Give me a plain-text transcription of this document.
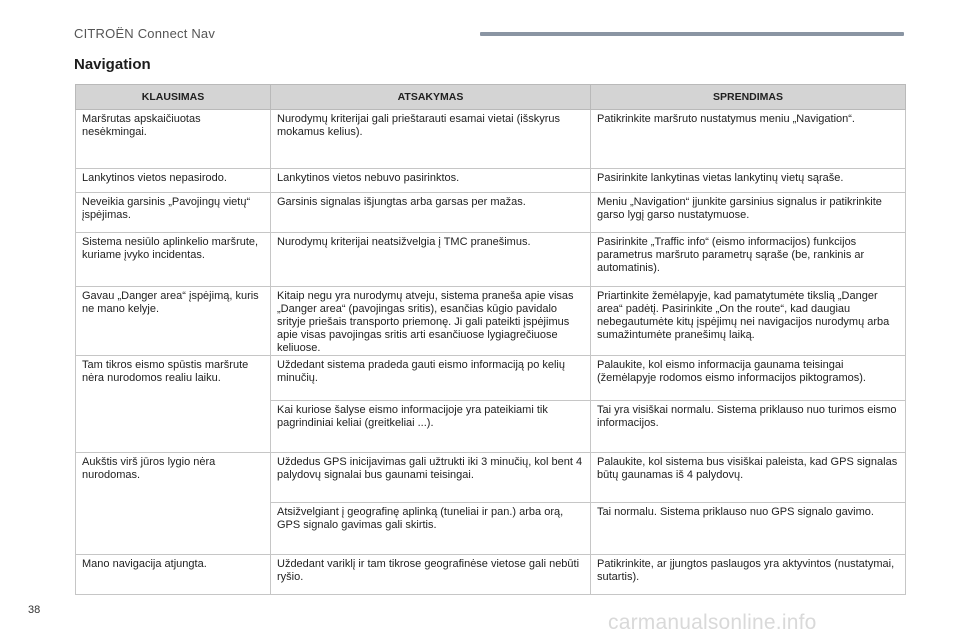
CITROËN Connect Nav
Navigation
KLAUSIMAS	ATSAKYMAS	SPRENDIMAS
Maršrutas apskaičiuotas nesėkmingai.	Nurodymų kriterijai gali prieštarauti esamai vietai (išskyrus mokamus kelius).	Patikrinkite maršruto nustatymus meniu „Navigation“.
Lankytinos vietos nepasirodo.	Lankytinos vietos nebuvo pasirinktos.	Pasirinkite lankytinas vietas lankytinų vietų sąraše.
Neveikia garsinis „Pavojingų vietų“ įspėjimas.	Garsinis signalas išjungtas arba garsas per mažas.	Meniu „Navigation“ įjunkite garsinius signalus ir patikrinkite garso lygį garso nustatymuose.
Sistema nesiūlo aplinkelio maršrute, kuriame įvyko incidentas.	Nurodymų kriterijai neatsižvelgia į TMC pranešimus.	Pasirinkite „Traffic info“ (eismo informacijos) funkcijos parametrus maršruto parametrų sąraše (be, rankinis ar automatinis).
Gavau „Danger area“ įspėjimą, kuris ne mano kelyje.	Kitaip negu yra nurodymų atveju, sistema praneša apie visas „Danger area“ (pavojingas sritis), esančias kūgio pavidalo srityje priešais transporto priemonę. Ji gali pateikti įspėjimus apie visas pavojingas sritis arti esančiuose lygiagrečiuose keliuose.	Priartinkite žemėlapyje, kad pamatytumėte tikslią „Danger area“ padėtį. Pasirinkite „On the route“, kad daugiau nebegautumėte kitų įspėjimų nei navigacijos nurodymų arba sumažintumėte pranešimų laiką.
Tam tikros eismo spūstis maršrute nėra nurodomos realiu laiku.	Uždedant sistema pradeda gauti eismo informaciją po kelių minučių.	Palaukite, kol eismo informacija gaunama teisingai (žemėlapyje rodomos eismo informacijos piktogramos).
	Kai kuriose šalyse eismo informacijoje yra pateikiami tik pagrindiniai keliai (greitkeliai ...).	Tai yra visiškai normalu. Sistema priklauso nuo turimos eismo informacijos.
Aukštis virš jūros lygio nėra nurodomas.	Uždedus GPS inicijavimas gali užtrukti iki 3 minučių, kol bent 4 palydovų signalai bus gaunami teisingai.	Palaukite, kol sistema bus visiškai paleista, kad GPS signalas būtų gaunamas iš 4 palydovų.
	Atsižvelgiant į geografinę aplinką (tuneliai ir pan.) arba orą, GPS signalo gavimas gali skirtis.	Tai normalu. Sistema priklauso nuo GPS signalo gavimo.
Mano navigacija atjungta.	Uždedant variklį ir tam tikrose geografinėse vietose gali nebūti ryšio.	Patikrinkite, ar įjungtos paslaugos yra aktyvintos (nustatymai, sutartis).
38
carmanualsonline.info
